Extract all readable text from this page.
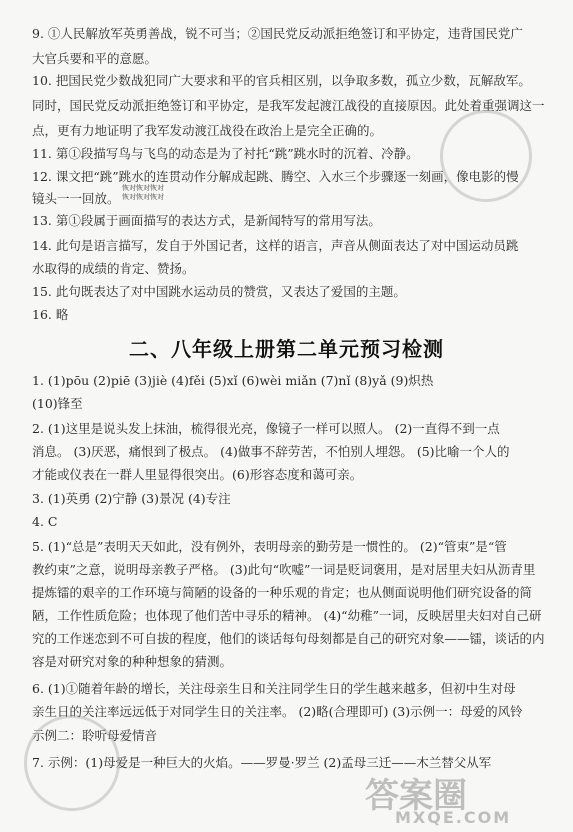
9. ①人民解放军英勇善战，锐不可当；②国民党反动派拒绝签订和平协定，违背国民党广
大官兵要和平的意愿。
10. 把国民党少数战犯同广大要求和平的官兵相区别，以争取多数，孤立少数，瓦解敌军。
同时，国民党反动派拒绝签订和平协定，是我军发起渡江战役的直接原因。此处着重强调这一
点，更有力地证明了我军发动渡江战役在政治上是完全正确的。
11. 第①段描写鸟与飞鸟的动态是为了衬托“跳”跳水时的沉着、冷静。
12. 课文把“跳”跳水的连贯动作分解成起跳、腾空、入水三个步骤逐一刻画，像电影的慢
镜头一一回放。
恢对恢对恢对
恢对恢对恢对
13. 第①段属于画面描写的表达方式，是新闻特写的常用写法。
14. 此句是语言描写，发自于外国记者，这样的语言，声音从侧面表达了对中国运动员跳
水取得的成绩的肯定、赞扬。
15. 此句既表达了对中国跳水运动员的赞赏，又表达了爱国的主题。
16. 略
二、八年级上册第二单元预习检测
1. (1)pōu (2)piē (3)jiè (4)fěi (5)xǐ (6)wèi miǎn (7)nǐ (8)yǎ (9)炽热
(10)锋至
2. (1)这里是说头发上抹油，梳得很光亮，像镜子一样可以照人。 (2)一直得不到一点
消息。 (3)厌恶，痛恨到了极点。 (4)做事不辞劳苦，不怕别人埋怨。 (5)比喻一个人的
才能或仪表在一群人里显得很突出。(6)形容态度和蔼可亲。
3. (1)英勇 (2)宁静 (3)景况 (4)专注
4. C
5. (1)“总是”表明天天如此，没有例外，表明母亲的勤劳是一惯性的。 (2)“管束”是“管
教约束”之意，说明母亲教子严格。 (3)此句“吹嘘”一词是贬词褒用，是对居里夫妇从沥青里
提炼镭的艰辛的工作环境与简陋的设备的一种乐观的肯定；也从侧面说明他们研究设备的简
陋，工作性质危险；也体现了他们苦中寻乐的精神。 (4)“幼稚”一词，反映居里夫妇对自己研
究的工作迷恋到不可自拔的程度，他们的谈话每句母刻都是自己的研究对象——镭，谈话的内
容是对研究对象的种种想象的猜测。
6. (1)①随着年龄的增长，关注母亲生日和关注同学生日的学生越来越多，但初中生对母
亲生日的关注率远远低于对同学生日的关注率。 (2)略(合理即可) (3)示例一：母爱的风铃
示例二：聆听母爱情音
7. 示例：(1)母爱是一种巨大的火焰。——罗曼·罗兰 (2)孟母三迁——木兰替父从军
答案圈
MXQE.COM
